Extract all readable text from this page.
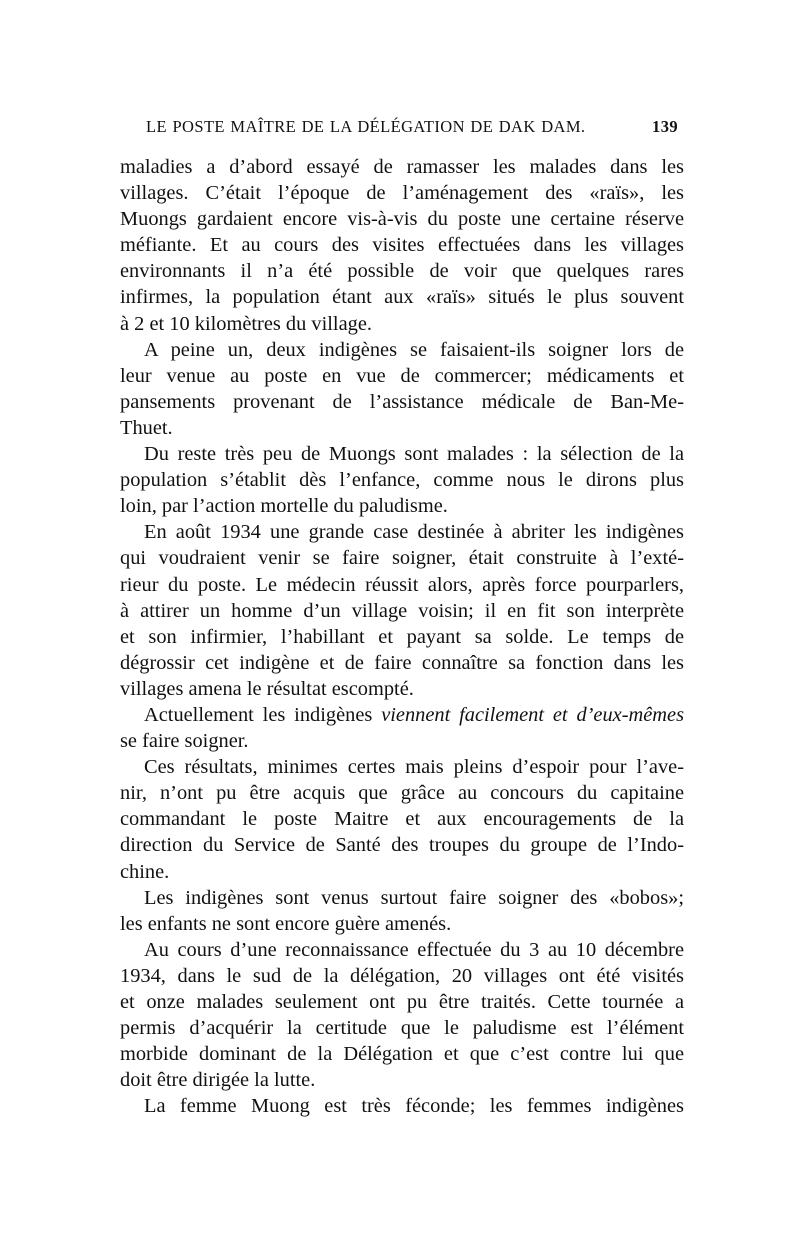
LE POSTE MAÎTRE DE LA DÉLÉGATION DE DAK DAM.	139
maladies a d’abord essayé de ramasser les malades dans les
villages. C’était l’époque de l’aménagement des «raïs», les
Muongs gardaient encore vis-à-vis du poste une certaine réserve
méfiante. Et au cours des visites effectuées dans les villages
environnants il n’a été possible de voir que quelques rares
infirmes, la population étant aux «raïs» situés le plus souvent
à 2 et 10 kilomètres du village.
A peine un, deux indigènes se faisaient-ils soigner lors de
leur venue au poste en vue de commercer; médicaments et
pansements provenant de l’assistance médicale de Ban-Me-
Thuet.
Du reste très peu de Muongs sont malades : la sélection de la
population s’établit dès l’enfance, comme nous le dirons plus
loin, par l’action mortelle du paludisme.
En août 1934 une grande case destinée à abriter les indigènes
qui voudraient venir se faire soigner, était construite à l’exté-
rieur du poste. Le médecin réussit alors, après force pourparlers,
à attirer un homme d’un village voisin; il en fit son interprète
et son infirmier, l’habillant et payant sa solde. Le temps de
dégrossir cet indigène et de faire connaître sa fonction dans les
villages amena le résultat escompté.
Actuellement les indigènes viennent facilement et d’eux-mêmes
se faire soigner.
Ces résultats, minimes certes mais pleins d’espoir pour l’ave-
nir, n’ont pu être acquis que grâce au concours du capitaine
commandant le poste Maitre et aux encouragements de la
direction du Service de Santé des troupes du groupe de l’Indo-
chine.
Les indigènes sont venus surtout faire soigner des «bobos»;
les enfants ne sont encore guère amenés.
Au cours d’une reconnaissance effectuée du 3 au 10 décembre
1934, dans le sud de la délégation, 20 villages ont été visités
et onze malades seulement ont pu être traités. Cette tournée a
permis d’acquérir la certitude que le paludisme est l’élément
morbide dominant de la Délégation et que c’est contre lui que
doit être dirigée la lutte.
La femme Muong est très féconde; les femmes indigènes
